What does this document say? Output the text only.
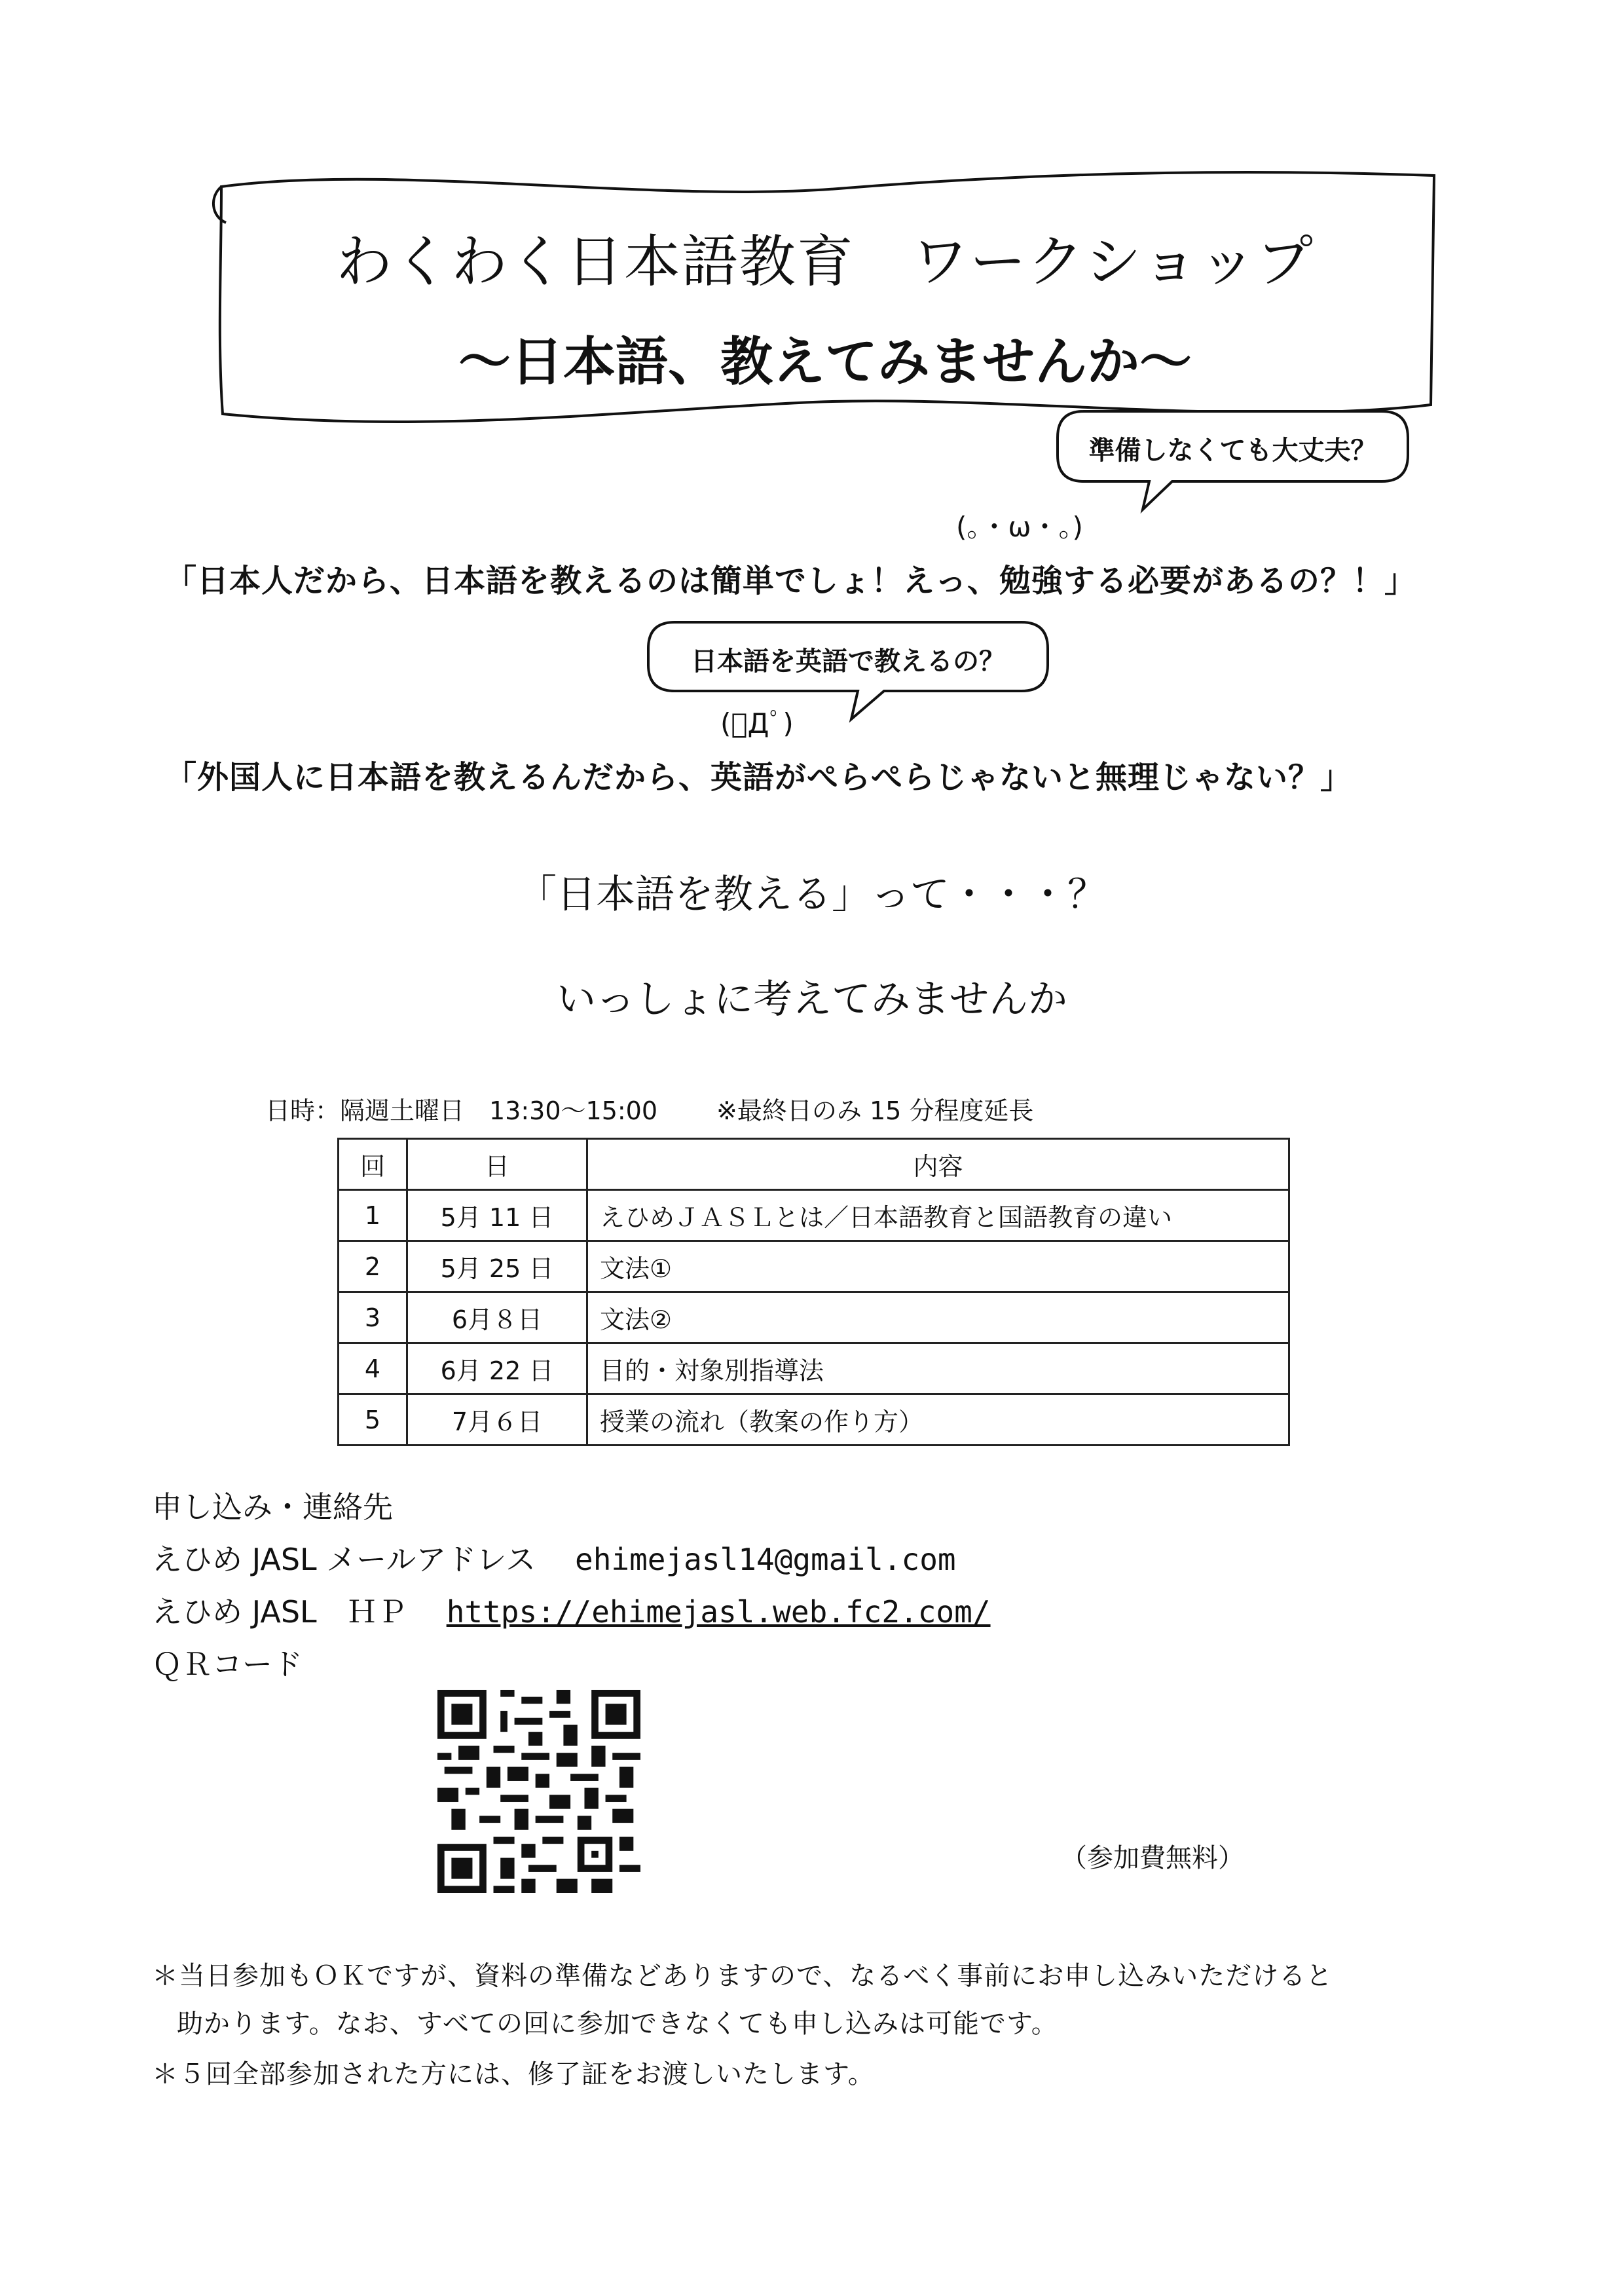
わくわく日本語教育　ワークショップ
～日本語、教えてみませんか～
準備しなくても大丈夫？
(。・ω・。)
「日本人だから、日本語を教えるのは簡単でしょ！えっ、勉強する必要があるの？！」
日本語を英語で教えるの？
(ﾟДﾟ)
「外国人に日本語を教えるんだから、英語がぺらぺらじゃないと無理じゃない？」
「日本語を教える」って・・・？
いっしょに考えてみませんか
日時：隔週土曜日　13:30～15:00 ※最終日のみ 15 分程度延長
回	日	内容
1	5月 11 日	えひめＪＡＳＬとは／日本語教育と国語教育の違い
2	5月 25 日	文法①
3	6月８日	文法②
4	6月 22 日	目的・対象別指導法
5	7月６日	授業の流れ（教案の作り方）
申し込み・連絡先
えひめ JASL メールアドレス ehimejasl14@gmail.com
えひめ JASL　ＨＰ https://ehimejasl.web.fc2.com/
ＱＲコード
（参加費無料）
＊当日参加もＯＫですが、資料の準備などありますので、なるべく事前にお申し込みいただけると
助かります。なお、すべての回に参加できなくても申し込みは可能です。
＊５回全部参加された方には、修了証をお渡しいたします。
